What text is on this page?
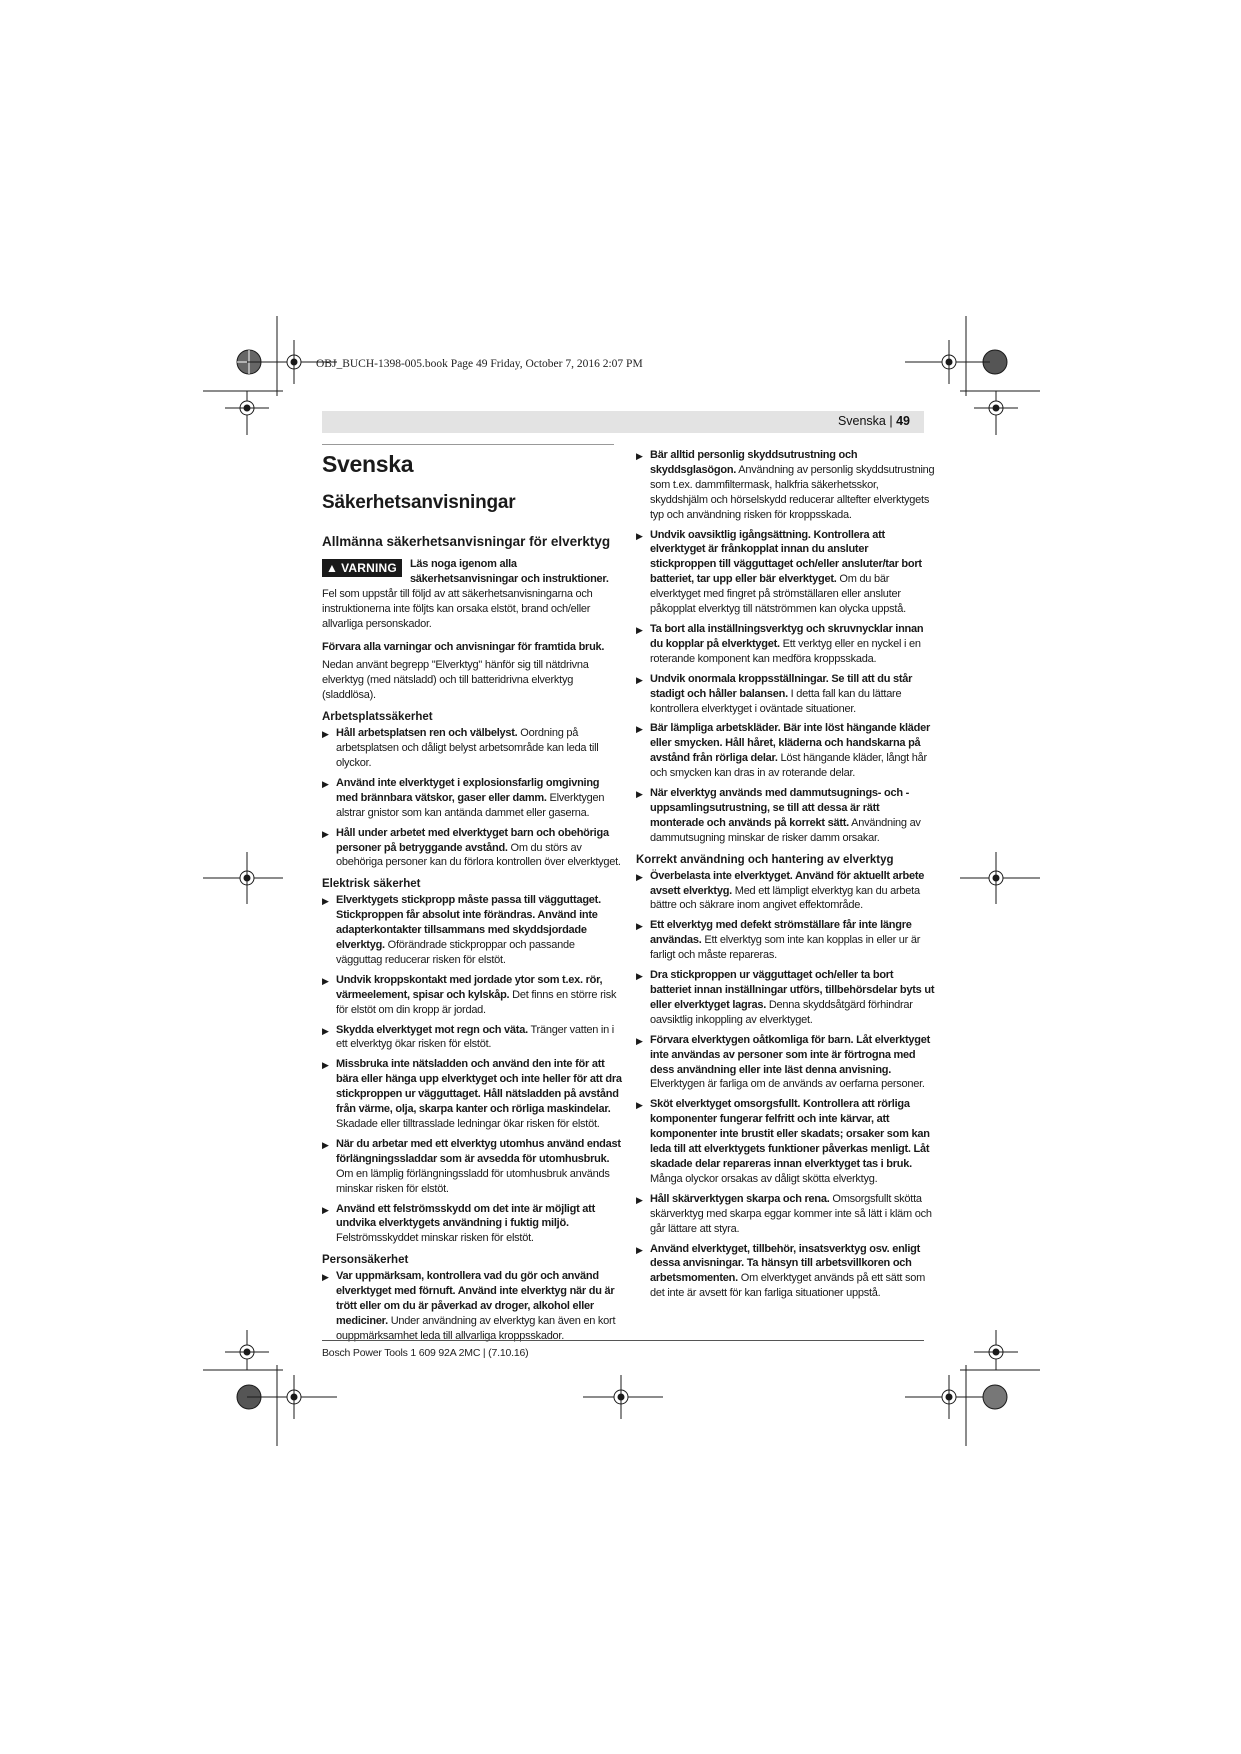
OBJ_BUCH-1398-005.book Page 49 Friday, October 7, 2016 2:07 PM
Svenska | 49
Svenska
Säkerhetsanvisningar
Allmänna säkerhetsanvisningar för elverktyg
▲ VARNING	Läs noga igenom alla säkerhetsanvisningar och instruktioner. Fel som uppstår till följd av att säkerhetsanvisningarna och instruktionerna inte följts kan orsaka elstöt, brand och/eller allvarliga personskador.

Förvara alla varningar och anvisningar för framtida bruk.

Nedan använt begrepp "Elverktyg" hänför sig till nätdrivna elverktyg (med nätsladd) och till batteridrivna elverktyg (sladdlösa).

Arbetsplatssäkerhet
▶ Håll arbetsplatsen ren och välbelyst. Oordning på arbetsplatsen och dåligt belyst arbetsområde kan leda till olyckor.

▶ Använd inte elverktyget i explosionsfarlig omgivning med brännbara vätskor, gaser eller damm. Elverktygen alstrar gnistor som kan antända dammet eller gaserna.

▶ Håll under arbetet med elverktyget barn och obehöriga personer på betryggande avstånd. Om du störs av obehöriga personer kan du förlora kontrollen över elverktyget.

Elektrisk säkerhet
▶ Elverktygets stickpropp måste passa till vägguttaget. Stickproppen får absolut inte förändras. Använd inte adapterkontakter tillsammans med skyddsjordade elverktyg. Oförändrade stickproppar och passande vägguttag reducerar risken för elstöt.

▶ Undvik kroppskontakt med jordade ytor som t.ex. rör, värmeelement, spisar och kylskåp. Det finns en större risk för elstöt om din kropp är jordad.

▶ Skydda elverktyget mot regn och väta. Tränger vatten in i ett elverktyg ökar risken för elstöt.

▶ Missbruka inte nätsladden och använd den inte för att bära eller hänga upp elverktyget och inte heller för att dra stickproppen ur vägguttaget. Håll nätsladden på avstånd från värme, olja, skarpa kanter och rörliga maskindelar. Skadade eller tilltrasslade ledningar ökar risken för elstöt.

▶ När du arbetar med ett elverktyg utomhus använd endast förlängningssladdar som är avsedda för utomhusbruk. Om en lämplig förlängningssladd för utomhusbruk används minskar risken för elstöt.

▶ Använd ett felströmsskydd om det inte är möjligt att undvika elverktygets användning i fuktig miljö. Felströmsskyddet minskar risken för elstöt.

Personsäkerhet
▶ Var uppmärksam, kontrollera vad du gör och använd elverktyget med förnuft. Använd inte elverktyg när du är trött eller om du är påverkad av droger, alkohol eller mediciner. Under användning av elverktyg kan även en kort ouppmärksamhet leda till allvarliga kroppsskador.

▶ Bär alltid personlig skyddsutrustning och skyddsglasögon. Användning av personlig skyddsutrustning som t.ex. dammfiltermask, halkfria säkerhetsskor, skyddshjälm och hörselskydd reducerar alltefter elverktygets typ och användning risken för kroppsskada.

▶ Undvik oavsiktlig igångsättning. Kontrollera att elverktyget är frånkopplat innan du ansluter stickproppen till vägguttaget och/eller ansluter/tar bort batteriet, tar upp eller bär elverktyget. Om du bär elverktyget med fingret på strömställaren eller ansluter påkopplat elverktyg till nätströmmen kan olycka uppstå.

▶ Ta bort alla inställningsverktyg och skruvnycklar innan du kopplar på elverktyget. Ett verktyg eller en nyckel i en roterande komponent kan medföra kroppsskada.

▶ Undvik onormala kroppsställningar. Se till att du står stadigt och håller balansen. I detta fall kan du lättare kontrollera elverktyget i oväntade situationer.

▶ Bär lämpliga arbetskläder. Bär inte löst hängande kläder eller smycken. Håll håret, kläderna och handskarna på avstånd från rörliga delar. Löst hängande kläder, långt hår och smycken kan dras in av roterande delar.

▶ När elverktyg används med dammutsugnings- och -uppsamlingsutrustning, se till att dessa är rätt monterade och används på korrekt sätt. Användning av dammutsugning minskar de risker damm orsakar.

Korrekt användning och hantering av elverktyg
▶ Överbelasta inte elverktyget. Använd för aktuellt arbete avsett elverktyg. Med ett lämpligt elverktyg kan du arbeta bättre och säkrare inom angivet effektområde.

▶ Ett elverktyg med defekt strömställare får inte längre användas. Ett elverktyg som inte kan kopplas in eller ur är farligt och måste repareras.

▶ Dra stickproppen ur vägguttaget och/eller ta bort batteriet innan inställningar utförs, tillbehörsdelar byts ut eller elverktyget lagras. Denna skyddsåtgärd förhindrar oavsiktlig inkoppling av elverktyget.

▶ Förvara elverktygen oåtkomliga för barn. Låt elverktyget inte användas av personer som inte är förtrogna med dess användning eller inte läst denna anvisning. Elverktygen är farliga om de används av oerfarna personer.

▶ Sköt elverktyget omsorgsfullt. Kontrollera att rörliga komponenter fungerar felfritt och inte kärvar, att komponenter inte brustit eller skadats; orsaker som kan leda till att elverktygets funktioner påverkas menligt. Låt skadade delar repareras innan elverktyget tas i bruk. Många olyckor orsakas av dåligt skötta elverktyg.

▶ Håll skärverktygen skarpa och rena. Omsorgsfullt skötta skärverktyg med skarpa eggar kommer inte så lätt i kläm och går lättare att styra.

▶ Använd elverktyget, tillbehör, insatsverktyg osv. enligt dessa anvisningar. Ta hänsyn till arbetsvillkoren och arbetsmomenten. Om elverktyget används på ett sätt som det inte är avsett för kan farliga situationer uppstå.

Bosch Power Tools 1 609 92A 2MC | (7.10.16)
